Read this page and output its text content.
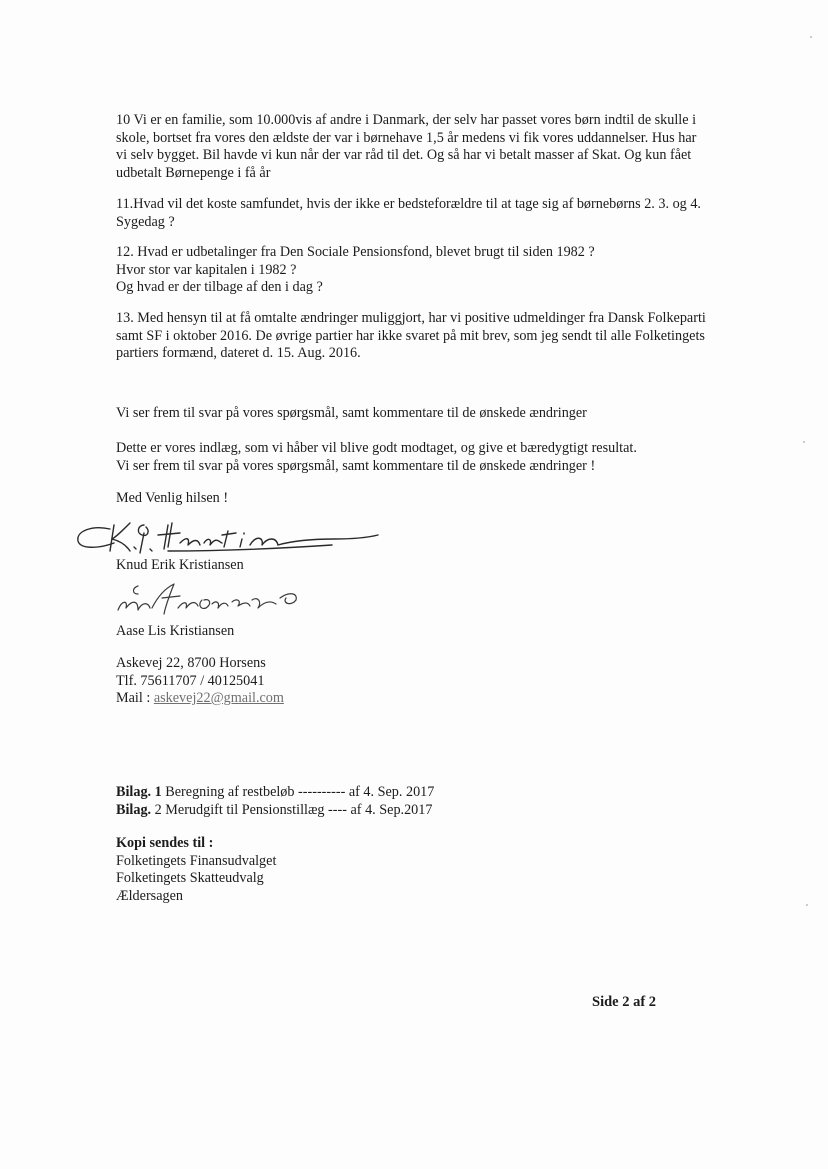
10 Vi er en familie, som 10.000vis af andre i Danmark, der selv har passet vores børn indtil de skulle i
skole, bortset fra vores den ældste der var i børnehave 1,5 år medens vi fik vores uddannelser. Hus har
vi selv bygget. Bil havde vi kun når der var råd til det. Og så har vi betalt masser af Skat. Og kun fået
udbetalt Børnepenge i få år
11.Hvad vil det koste samfundet, hvis der ikke er bedsteforældre til at tage sig af børnebørns 2. 3. og 4.
Sygedag ?
12. Hvad er udbetalinger fra Den Sociale Pensionsfond, blevet brugt til siden 1982 ?
Hvor stor var kapitalen i 1982 ?
Og hvad er der tilbage af den i dag ?
13. Med hensyn til at få omtalte ændringer muliggjort, har vi positive udmeldinger fra Dansk Folkeparti
samt SF i oktober 2016. De øvrige partier har ikke svaret på mit brev, som jeg sendt til alle Folketingets
partiers formænd, dateret d. 15. Aug. 2016.
Vi ser frem til svar på vores spørgsmål, samt kommentare til de ønskede ændringer
Dette er vores indlæg, som vi håber vil blive godt modtaget, og give et bæredygtigt resultat.
Vi ser frem til svar på vores spørgsmål, samt kommentare til de ønskede ændringer !
Med Venlig hilsen !
Knud Erik Kristiansen
Aase Lis Kristiansen
Askevej 22, 8700 Horsens
Tlf. 75611707 / 40125041
Mail : askevej22@gmail.com
Bilag. 1 Beregning af restbeløb ---------- af 4. Sep. 2017
Bilag. 2 Merudgift til Pensionstillæg ---- af 4. Sep.2017
Kopi sendes til :
Folketingets Finansudvalget
Folketingets Skatteudvalg
Ældersagen
Side 2 af 2
